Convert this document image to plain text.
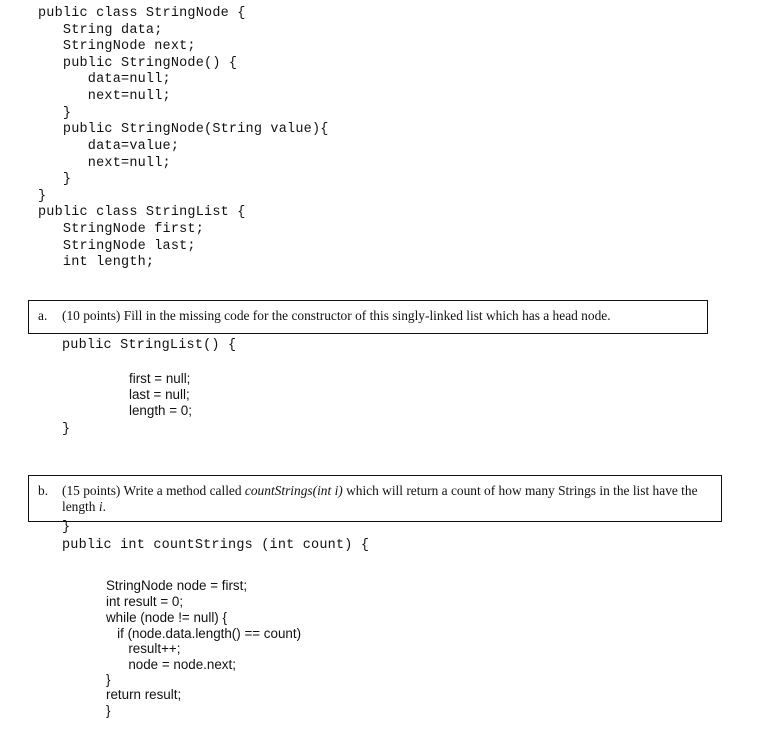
public class StringNode {
String data;
StringNode next;
public StringNode() {
data=null;
next=null;
}
public StringNode(String value){
data=value;
next=null;
}
}
public class StringList {
StringNode first;
StringNode last;
int length;
a. (10 points) Fill in the missing code for the constructor of this singly-linked list which has a head node.
public StringList() {
first = null;
last = null;
length = 0;
}
b. (15 points) Write a method called countStrings(int i) which will return a count of how many Strings in the list have the length i.
}
public int countStrings (int count) {
StringNode node = first;
int result = 0;
while (node != null) {
if (node.data.length() == count)
result++;
node = node.next;
}
return result;
}
